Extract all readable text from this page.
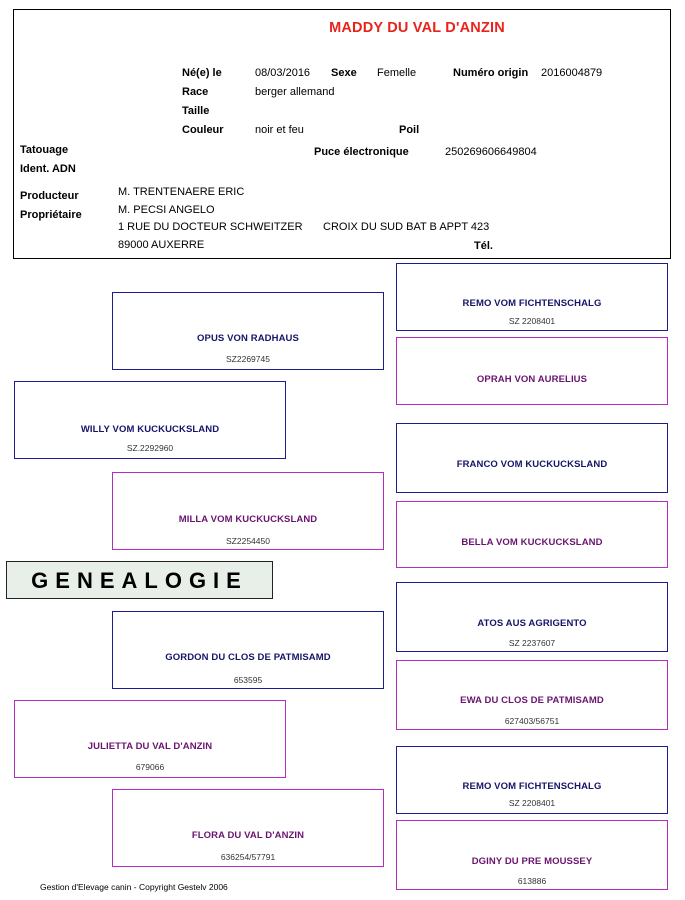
MADDY DU VAL D'ANZIN
Né(e) le	08/03/2016 Sexe Femelle	Numéro origin 2016004879
Race	berger allemand
Taille
Couleur	noir et feu	Poil
Tatouage	Puce électronique	250269606649804
Ident. ADN
Producteur	M. TRENTENAERE ERIC
Propriétaire	M. PECSI ANGELO
1 RUE DU DOCTEUR SCHWEITZER CROIX DU SUD BAT B APPT 423
89000 AUXERRE	Tél.
WILLY VOM KUCKUCKSLAND
SZ.2292960
JULIETTA DU VAL D'ANZIN
679066
OPUS VON RADHAUS
SZ2269745
MILLA VOM KUCKUCKSLAND
SZ2254450
GORDON DU CLOS DE PATMISAMD
653595
FLORA DU VAL D'ANZIN
636254/57791
REMO VOM FICHTENSCHALG
SZ 2208401
OPRAH VON AURELIUS
FRANCO VOM KUCKUCKSLAND
BELLA VOM KUCKUCKSLAND
ATOS AUS AGRIGENTO
SZ 2237607
EWA DU CLOS DE PATMISAMD
627403/56751
REMO VOM FICHTENSCHALG
SZ 2208401
DGINY DU PRE MOUSSEY
613886
GENEALOGIE
Gestion d'Elevage canin - Copyright Gestelv 2006
